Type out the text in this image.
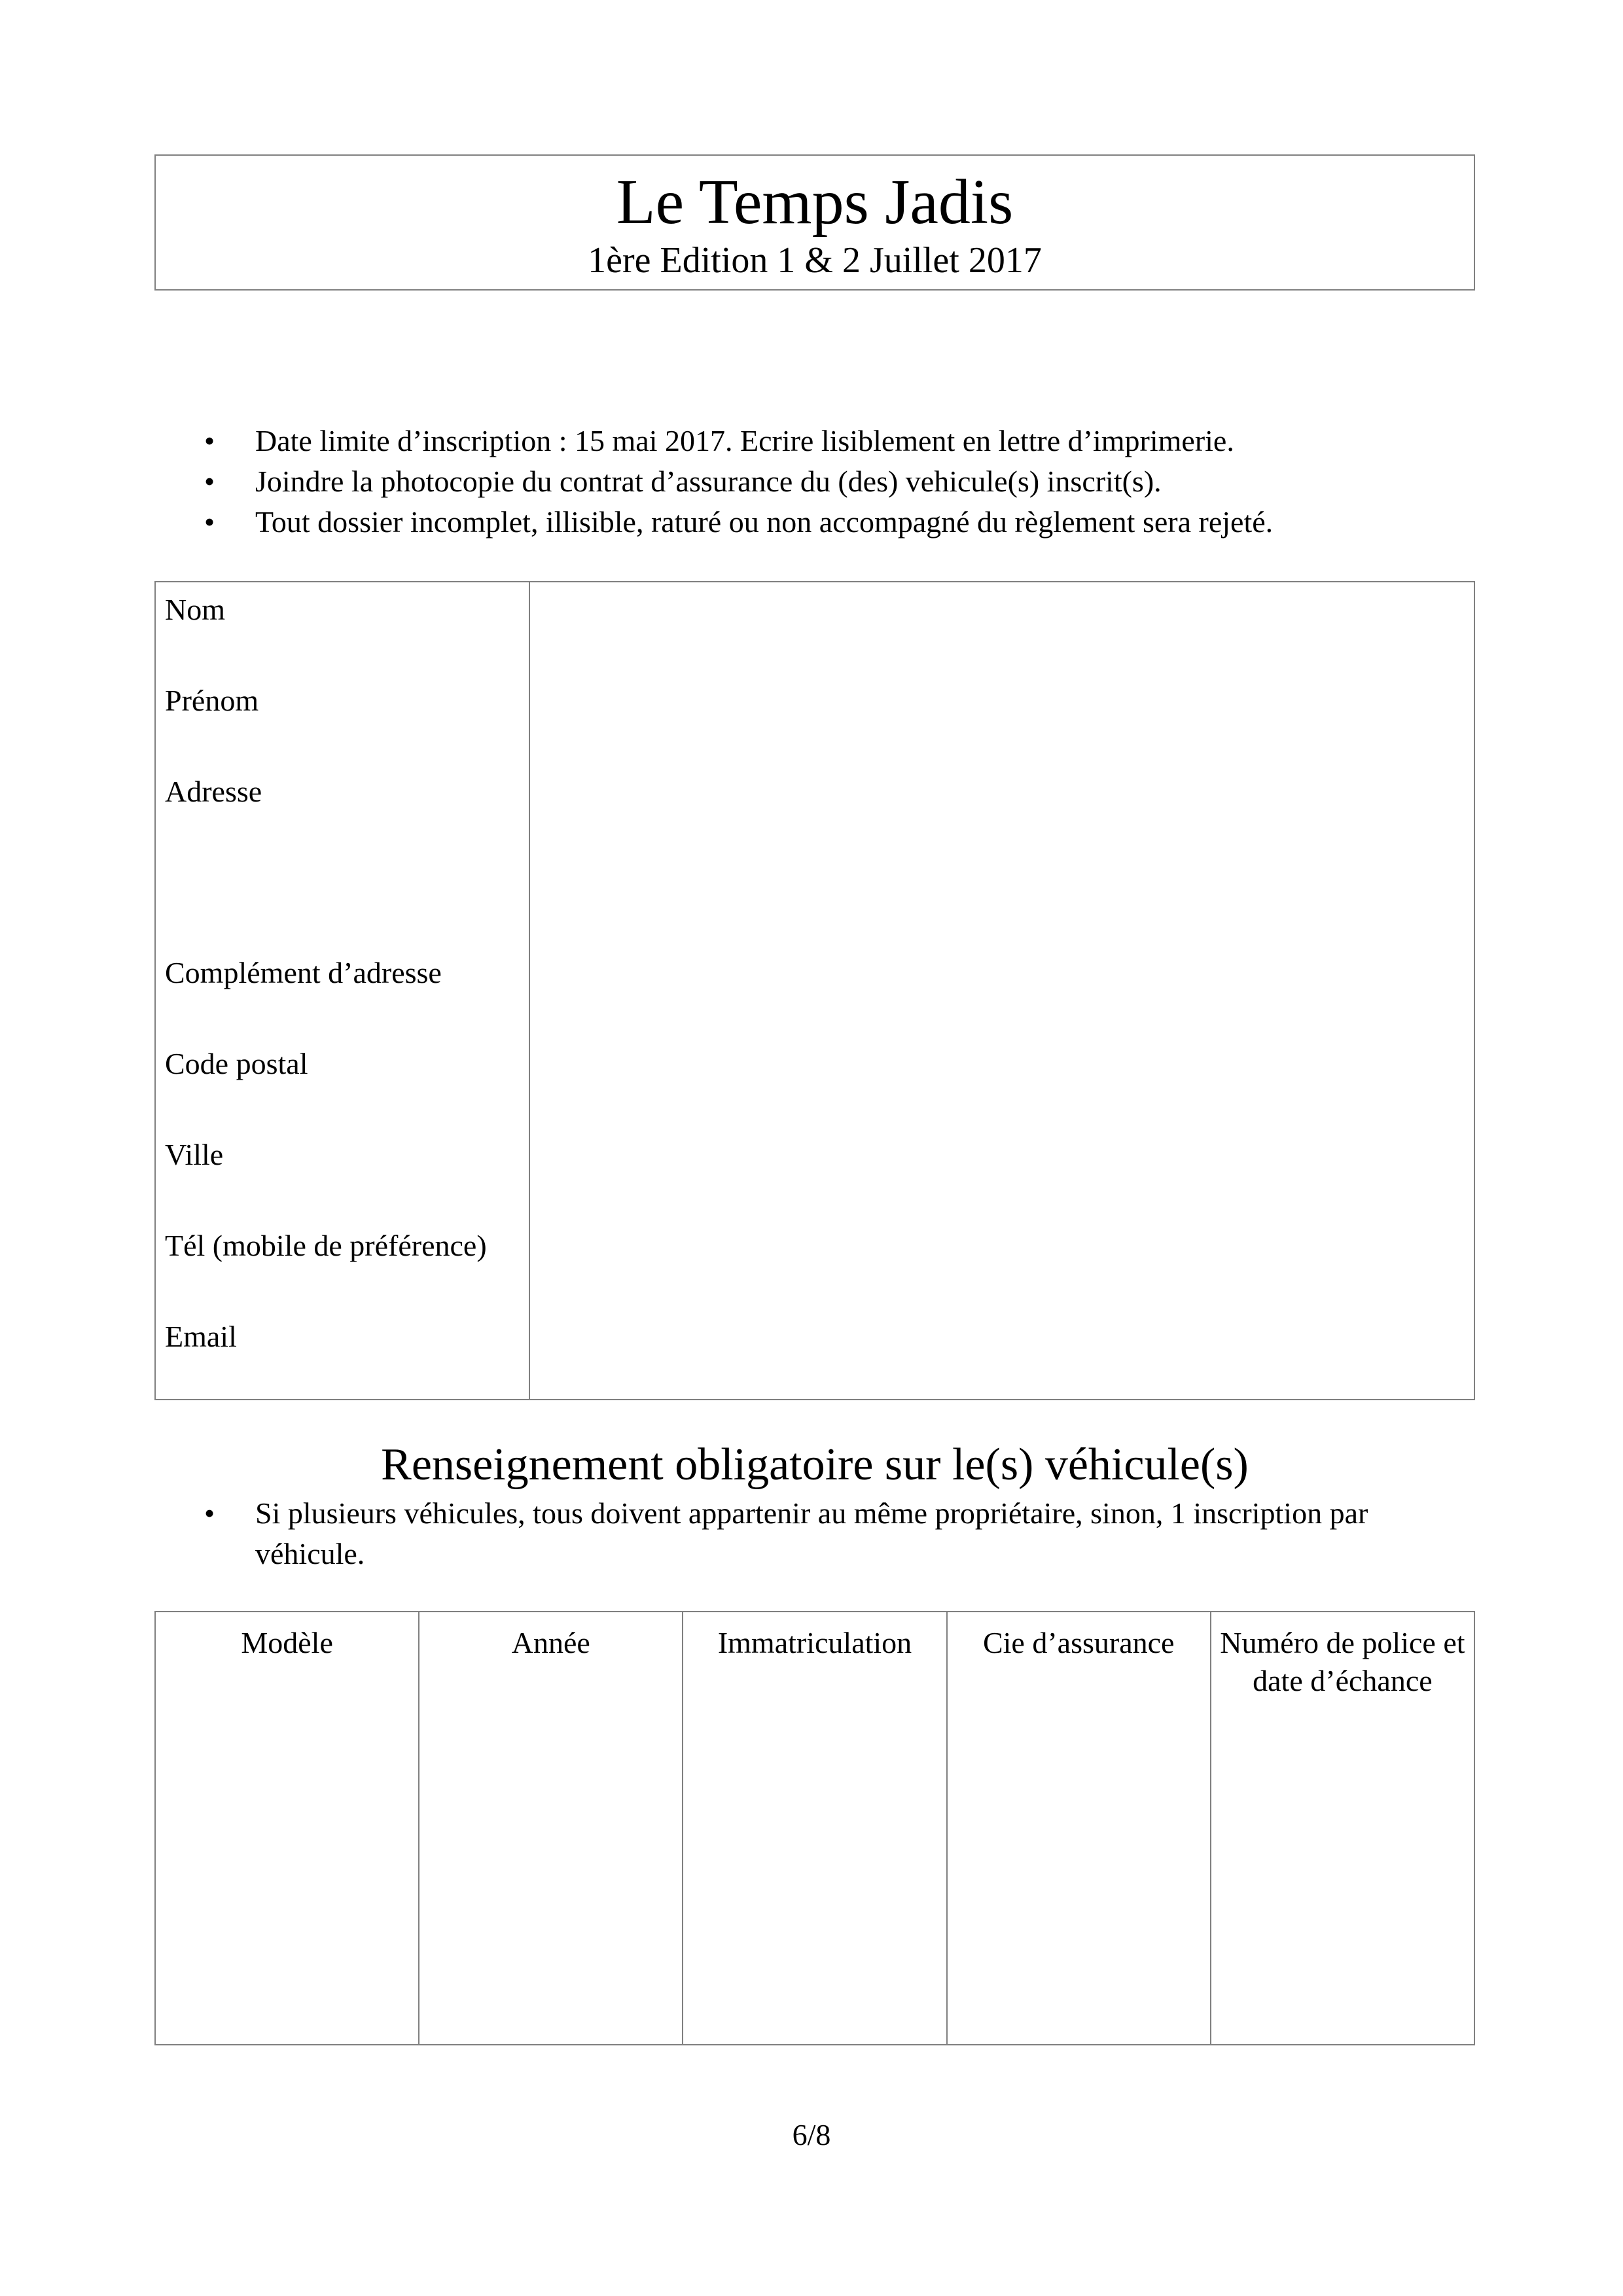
Le Temps Jadis
1ère Edition 1 & 2 Juillet 2017
• Date limite d’inscription : 15 mai 2017. Ecrire lisiblement en lettre d’imprimerie.
• Joindre la photocopie du contrat d’assurance du (des) vehicule(s) inscrit(s).
• Tout dossier incomplet, illisible, raturé ou non accompagné du règlement sera rejeté.
Nom
Prénom
Adresse
Complément d’adresse
Code postal
Ville
Tél (mobile de préférence)
Email
Renseignement obligatoire sur le(s) véhicule(s)
• Si plusieurs véhicules, tous doivent appartenir au même propriétaire, sinon, 1 inscription par véhicule.
Modèle	Année	Immatriculation	Cie d’assurance	Numéro de police et date d’échance
6/8
